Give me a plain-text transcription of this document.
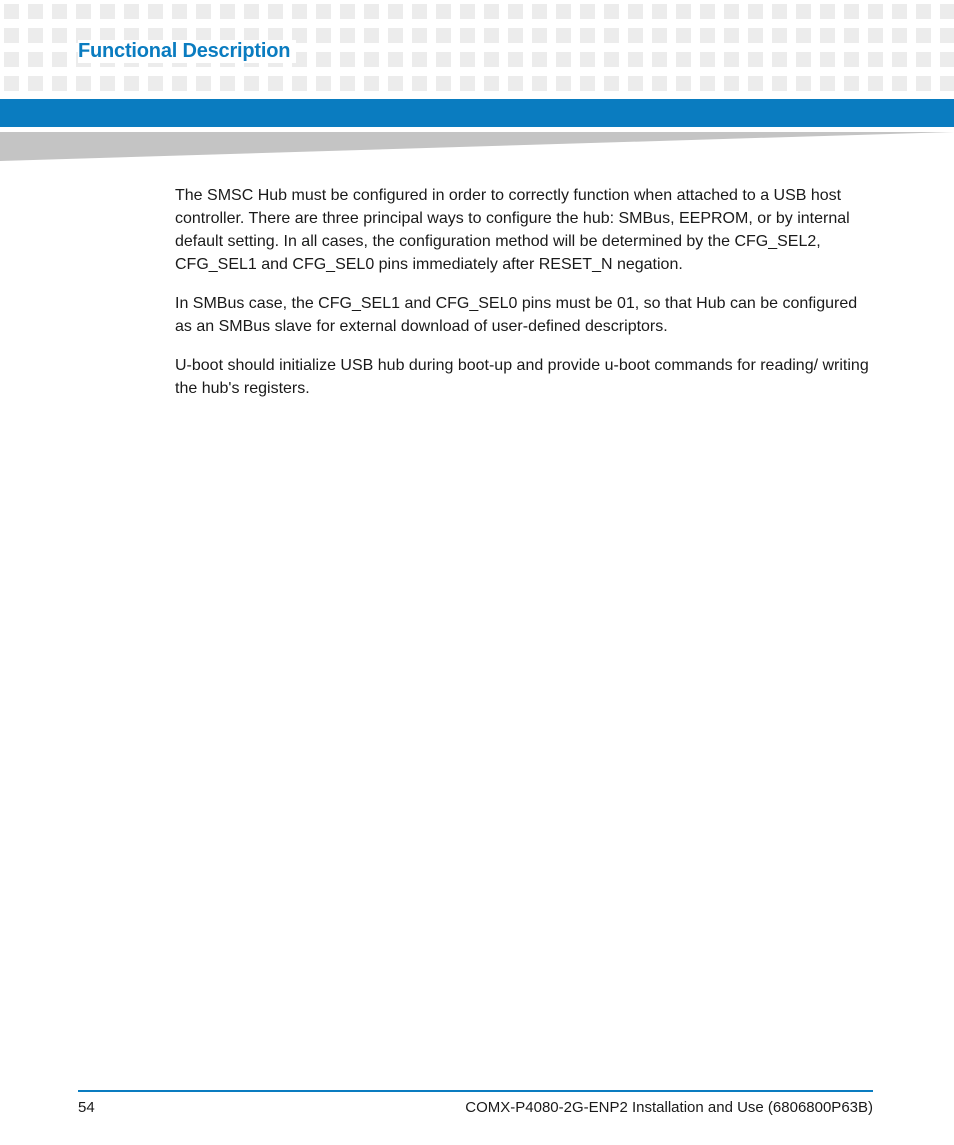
Functional Description

The SMSC Hub must be configured in order to correctly function when attached to a USB host controller. There are three principal ways to configure the hub: SMBus, EEPROM, or by internal default setting. In all cases, the configuration method will be determined by the CFG_SEL2, CFG_SEL1 and CFG_SEL0 pins immediately after RESET_N negation.

In SMBus case, the CFG_SEL1 and CFG_SEL0 pins must be 01, so that Hub can be configured as an SMBus slave for external download of user-defined descriptors.

U-boot should initialize USB hub during boot-up and provide u-boot commands for reading/ writing the hub's registers.

54	COMX-P4080-2G-ENP2 Installation and Use (6806800P63B)
